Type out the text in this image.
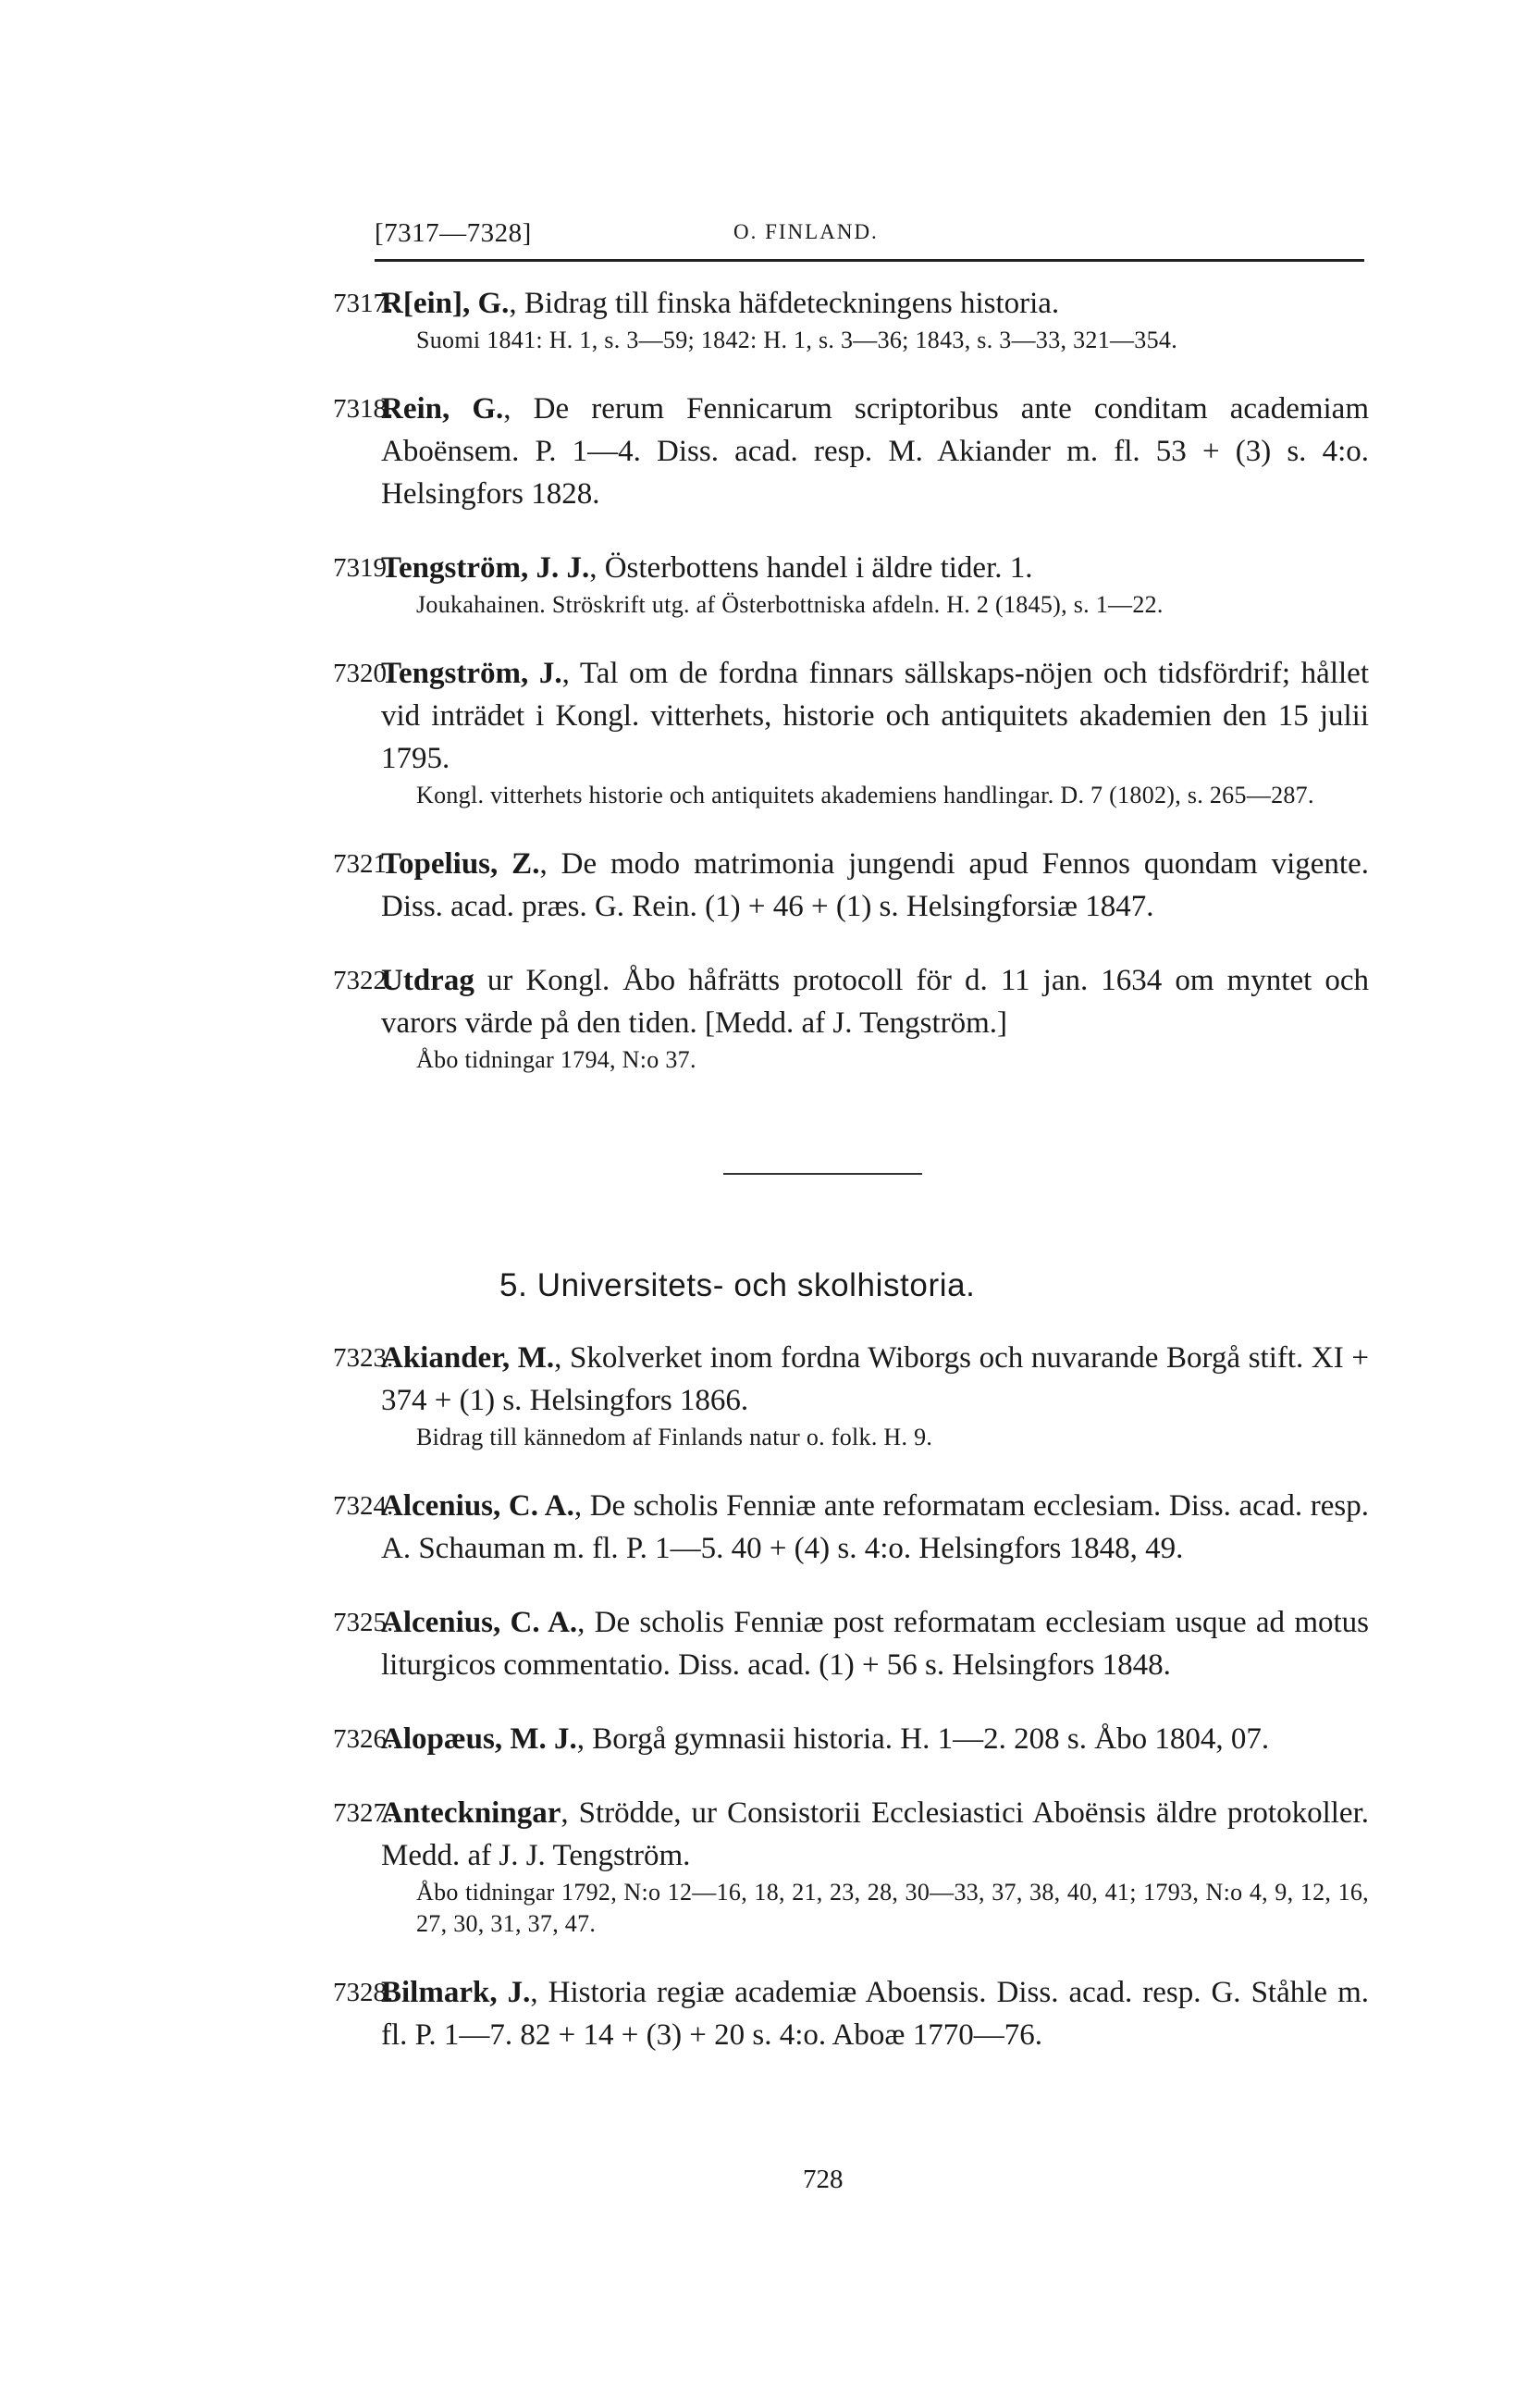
[7317—7328]	O. FINLAND.
7317.
R[ein], G., Bidrag till finska häfdeteckningens historia.
Suomi 1841: H. 1, s. 3—59; 1842: H. 1, s. 3—36; 1843, s. 3—33, 321—354.
7318.
Rein, G., De rerum Fennicarum scriptoribus ante conditam academiam Aboënsem. P. 1—4. Diss. acad. resp. M. Akiander m. fl. 53 + (3) s. 4:o. Helsingfors 1828.
7319.
Tengström, J. J., Österbottens handel i äldre tider. 1.
Joukahainen. Ströskrift utg. af Österbottniska afdeln. H. 2 (1845), s. 1—22.
7320.
Tengström, J., Tal om de fordna finnars sällskaps-nöjen och tidsfördrif; hållet vid inträdet i Kongl. vitterhets, historie och antiquitets akademien den 15 julii 1795.
Kongl. vitterhets historie och antiquitets akademiens handlingar. D. 7 (1802), s. 265—287.
7321.
Topelius, Z., De modo matrimonia jungendi apud Fennos quondam vigente. Diss. acad. præs. G. Rein. (1) + 46 + (1) s. Helsingforsiæ 1847.
7322.
Utdrag ur Kongl. Åbo håfrätts protocoll för d. 11 jan. 1634 om myntet och varors värde på den tiden. [Medd. af J. Tengström.]
Åbo tidningar 1794, N:o 37.
5. Universitets- och skolhistoria.
7323.
Akiander, M., Skolverket inom fordna Wiborgs och nuvarande Borgå stift. XI + 374 + (1) s. Helsingfors 1866.
Bidrag till kännedom af Finlands natur o. folk. H. 9.
7324.
Alcenius, C. A., De scholis Fenniæ ante reformatam ecclesiam. Diss. acad. resp. A. Schauman m. fl. P. 1—5. 40 + (4) s. 4:o. Helsingfors 1848, 49.
7325.
Alcenius, C. A., De scholis Fenniæ post reformatam ecclesiam usque ad motus liturgicos commentatio. Diss. acad. (1) + 56 s. Helsingfors 1848.
7326.
Alopæus, M. J., Borgå gymnasii historia. H. 1—2. 208 s. Åbo 1804, 07.
7327.
Anteckningar, Strödde, ur Consistorii Ecclesiastici Aboënsis äldre protokoller. Medd. af J. J. Tengström.
Åbo tidningar 1792, N:o 12—16, 18, 21, 23, 28, 30—33, 37, 38, 40, 41; 1793, N:o 4, 9, 12, 16, 27, 30, 31, 37, 47.
7328.
Bilmark, J., Historia regiæ academiæ Aboensis. Diss. acad. resp. G. Ståhle m. fl. P. 1—7. 82 + 14 + (3) + 20 s. 4:o. Aboæ 1770—76.
728
